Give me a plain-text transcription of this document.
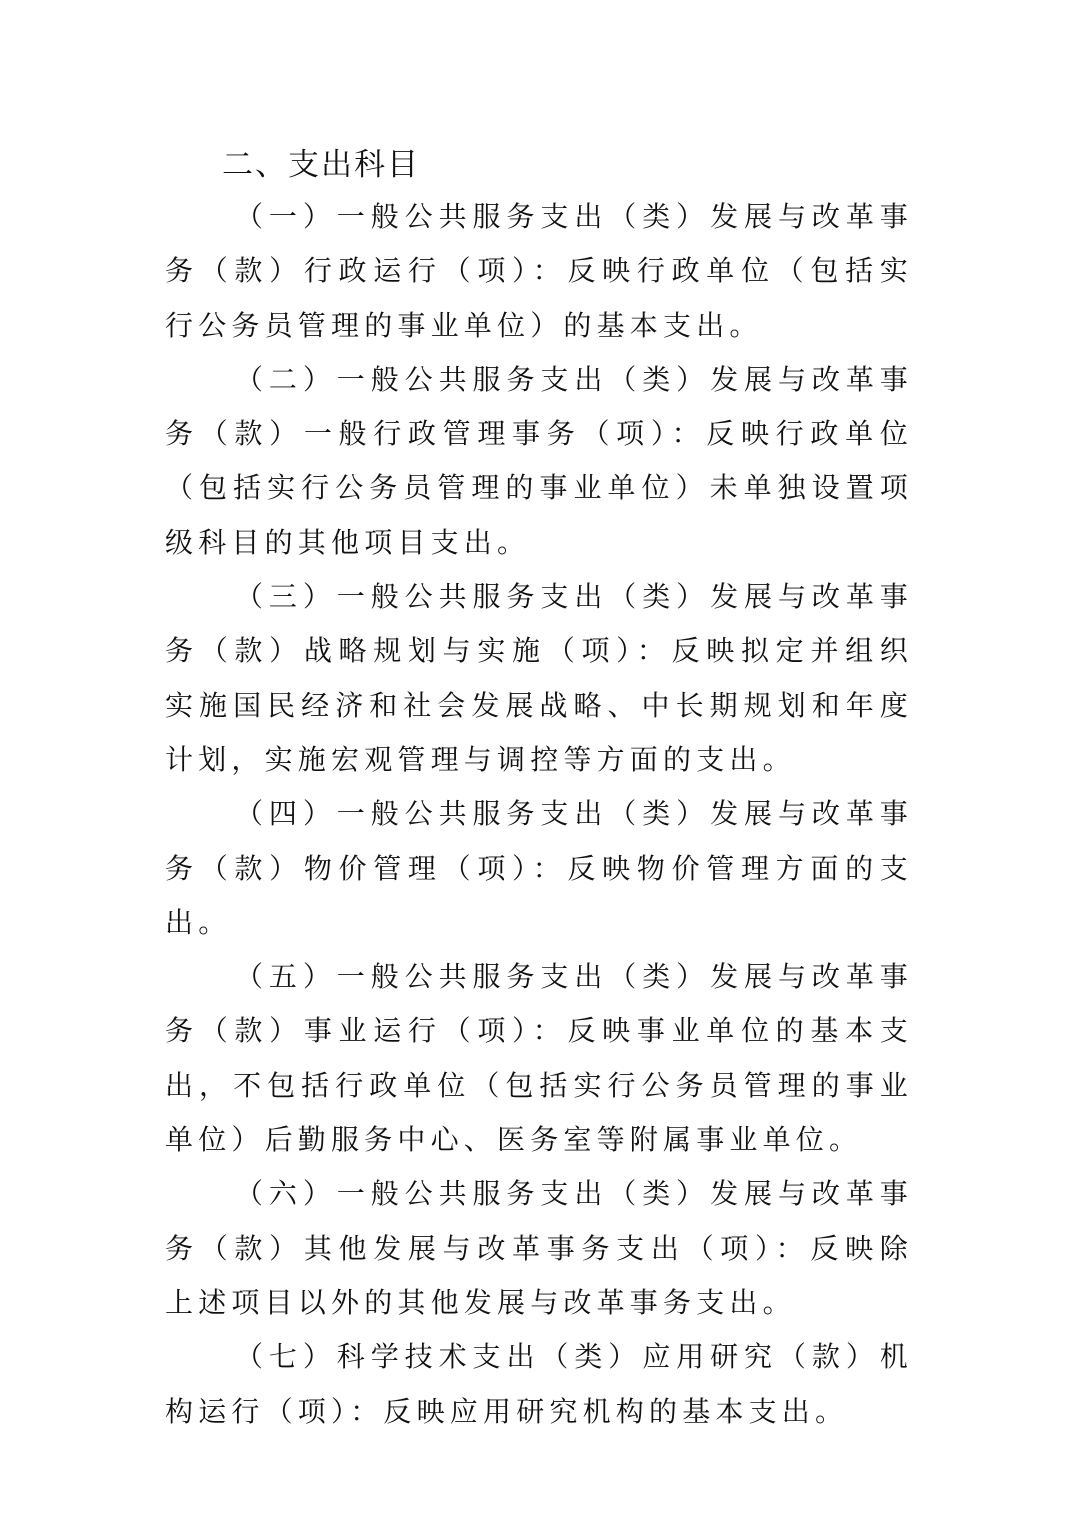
二、支出科目

（一）一般公共服务支出（类）发展与改革事务（款）行政运行（项）：反映行政单位（包括实行公务员管理的事业单位）的基本支出。

（二）一般公共服务支出（类）发展与改革事务（款）一般行政管理事务（项）：反映行政单位（包括实行公务员管理的事业单位）未单独设置项级科目的其他项目支出。

（三）一般公共服务支出（类）发展与改革事务（款）战略规划与实施（项）：反映拟定并组织实施国民经济和社会发展战略、中长期规划和年度计划，实施宏观管理与调控等方面的支出。

（四）一般公共服务支出（类）发展与改革事务（款）物价管理（项）：反映物价管理方面的支出。

（五）一般公共服务支出（类）发展与改革事务（款）事业运行（项）：反映事业单位的基本支出，不包括行政单位（包括实行公务员管理的事业单位）后勤服务中心、医务室等附属事业单位。

（六）一般公共服务支出（类）发展与改革事务（款）其他发展与改革事务支出（项）：反映除上述项目以外的其他发展与改革事务支出。

（七）科学技术支出（类）应用研究（款）机构运行（项）：反映应用研究机构的基本支出。
